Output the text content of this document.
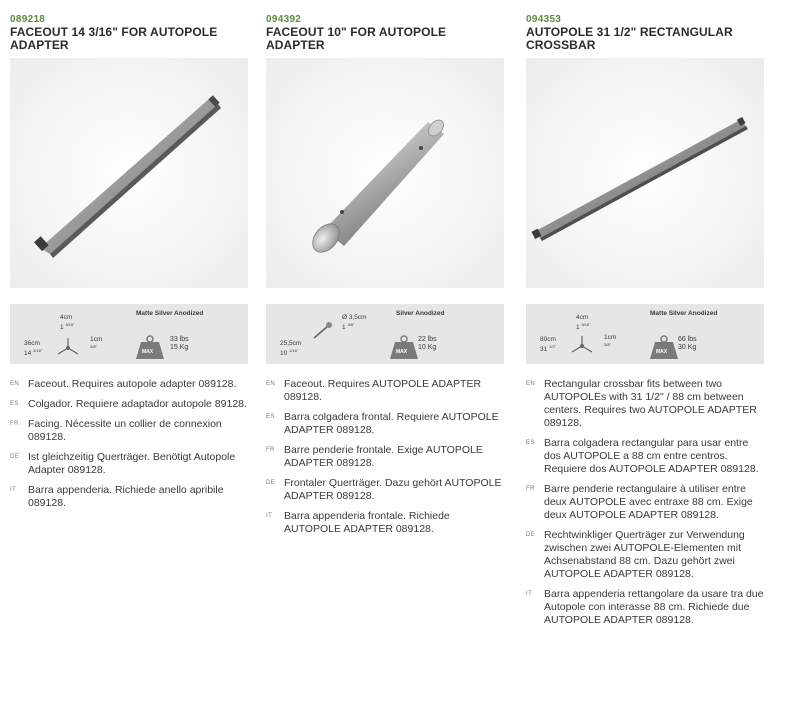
089218
FACEOUT 14 3/16" FOR AUTOPOLE ADAPTER
Matte Silver Anodized
4cm
1 $^{9/16"}$
36cm
14 $^{3/16"}$
1cm
$^{3/8"}$
MAX
33 lbs
15 Kg
EN Faceout. Requires autopole adapter 089128.
ES Colgador. Requiere adaptador autopole 89128.
FR Facing. Nécessite un collier de connexion 089128.
DE Ist gleichzeitig Querträger. Benötigt Autopole Adapter 089128.
IT Barra appenderia. Richiede anello apribile 089128.
094392
FACEOUT 10" FOR AUTOPOLE ADAPTER
Silver Anodized
Ø 3,5cm
1 $^{3/8"}$
25,5cm
10 $^{1/16"}$	MAX
22 lbs
10 Kg
EN Faceout. Requires AUTOPOLE ADAPTER 089128.
ES Barra colgadera frontal. Requiere AUTOPOLE ADAPTER 089128.
FR Barre penderie frontale. Exige AUTOPOLE ADAPTER 089128.
DE Frontaler Querträger. Dazu gehört AUTOPOLE ADAPTER 089128.
IT Barra appenderia frontale. Richiede AUTOPOLE ADAPTER 089128.
094353
AUTOPOLE 31 1/2" RECTANGULAR CROSSBAR
Matte Silver Anodized
4cm
1 $^{9/16"}$
80cm
31 $^{1/2"}$
1cm
$^{3/8"}$
MAX
66 lbs
30 Kg
EN Rectangular crossbar fits between two AUTOPOLEs with 31 1/2" / 88 cm between centers. Requires two AUTOPOLE ADAPTER 089128.
ES Barra colgadera rectangular para usar entre dos AUTOPOLE a 88 cm entre centros. Requiere dos AUTOPOLE ADAPTER 089128.
FR Barre penderie rectangulaire à utiliser entre deux AUTOPOLE avec entraxe 88 cm. Exige deux AUTOPOLE ADAPTER 089128.
DE Rechtwinkliger Querträger zur Verwendung zwischen zwei AUTOPOLE-Elementen mit Achsenabstand 88 cm. Dazu gehört zwei AUTOPOLE ADAPTER 089128.
IT Barra appenderia rettangolare da usare tra due Autopole con interasse 88 cm. Richiede due AUTOPOLE ADAPTER 089128.
